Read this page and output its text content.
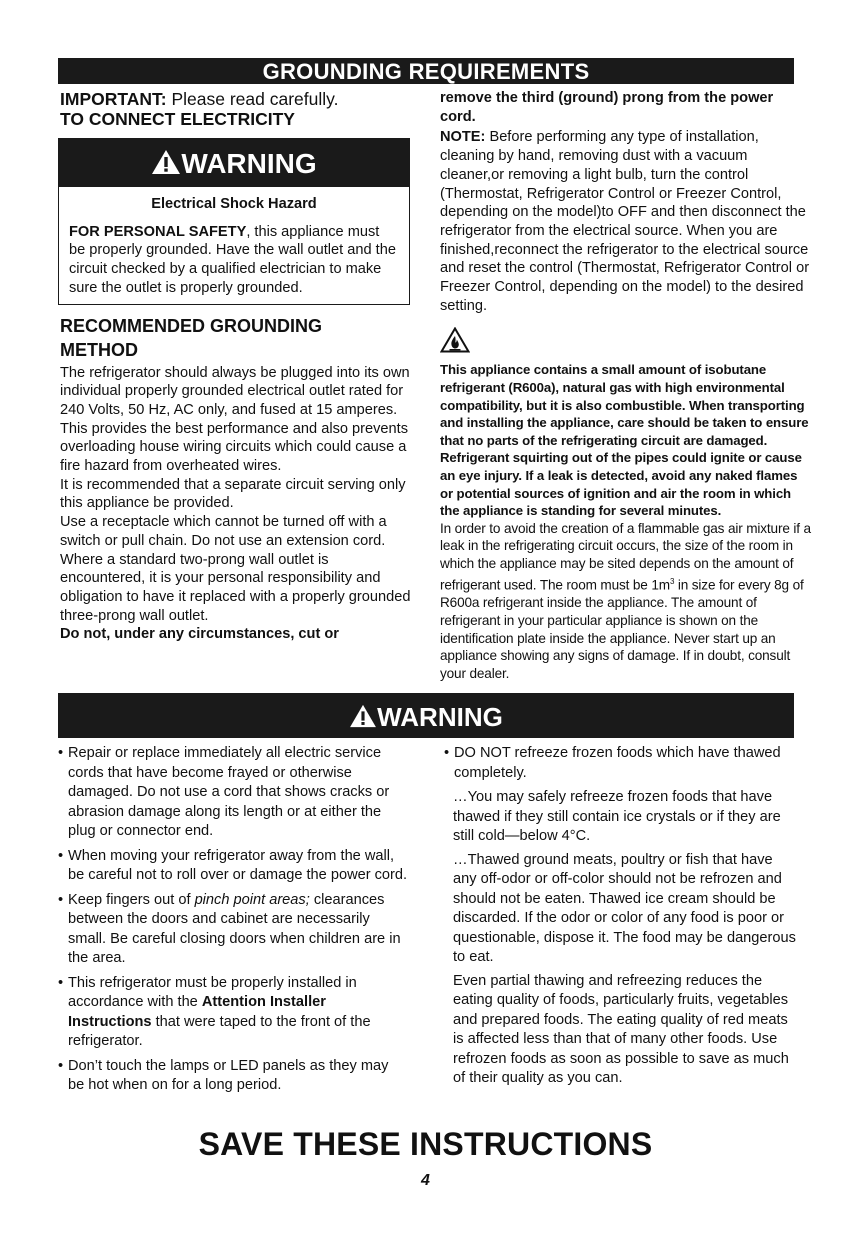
GROUNDING REQUIREMENTS
IMPORTANT: Please read carefully.
TO CONNECT ELECTRICITY
WARNING
Electrical Shock Hazard

FOR PERSONAL SAFETY, this appliance must be properly grounded. Have the wall outlet and the circuit checked by a qualified electrician to make sure the outlet is properly grounded.

RECOMMENDED GROUNDING
METHOD

The refrigerator should always be plugged into its own individual properly grounded electrical outlet rated for 240 Volts, 50 Hz, AC only, and fused at 15 amperes.

This provides the best performance and also prevents overloading house wiring circuits which could cause a fire hazard from overheated wires.

It is recommended that a separate circuit serving only this appliance be provided.

Use a receptacle which cannot be turned off with a switch or pull chain. Do not use an extension cord.

Where a standard two-prong wall outlet is encountered, it is your personal responsibility and obligation to have it replaced with a properly grounded three-prong wall outlet.

Do not, under any circumstances, cut or

remove the third (ground) prong from the power cord.

NOTE: Before performing any type of installation, cleaning by hand, removing dust with a vacuum cleaner,or removing a light bulb, turn the control (Thermostat, Refrigerator Control or Freezer Control, depending on the model)to OFF and then disconnect the refrigerator from the electrical source. When you are finished,reconnect the refrigerator to the electrical source and reset the control (Thermostat, Refrigerator Control or Freezer Control, depending on the model) to the desired setting.

This appliance contains a small amount of isobutane refrigerant (R600a), natural gas with high environmental compatibility, but it is also combustible. When transporting and installing the appliance, care should be taken to ensure that no parts of the refrigerating circuit are damaged. Refrigerant squirting out of the pipes could ignite or cause an eye injury. If a leak is detected, avoid any naked flames or potential sources of ignition and air the room in which the appliance is standing for several minutes.

In order to avoid the creation of a flammable gas air mixture if a leak in the refrigerating circuit occurs, the size of the room in which the appliance may be sited depends on the amount of refrigerant used. The room must be $1m^3$ in size for every 8g of R600a refrigerant inside the appliance. The amount of refrigerant in your particular appliance is shown on the identification plate inside the appliance. Never start up an appliance showing any signs of damage. If in doubt, consult your dealer.

WARNING
• Repair or replace immediately all electric service cords that have become frayed or otherwise damaged. Do not use a cord that shows cracks or abrasion damage along its length or at either the plug or connector end.
• When moving your refrigerator away from the wall, be careful not to roll over or damage the power cord.
• Keep fingers out of pinch point areas; clearances between the doors and cabinet are necessarily small. Be careful closing doors when children are in the area.
• This refrigerator must be properly installed in accordance with the Attention Installer Instructions that were taped to the front of the refrigerator.
• Don’t touch the lamps or LED panels as they may be hot when on for a long period.
• DO NOT refreeze frozen foods which have thawed completely.

…You may safely refreeze frozen foods that have thawed if they still contain ice crystals or if they are still cold—below 4°C.

…Thawed ground meats, poultry or fish that have any off-odor or off-color should not be refrozen and should not be eaten. Thawed ice cream should be discarded. If the odor or color of any food is poor or questionable, dispose it. The food may be dangerous to eat.

Even partial thawing and refreezing reduces the eating quality of foods, particularly fruits, vegetables and prepared foods. The eating quality of red meats is affected less than that of many other foods. Use refrozen foods as soon as possible to save as much of their quality as you can.

SAVE THESE INSTRUCTIONS
4
